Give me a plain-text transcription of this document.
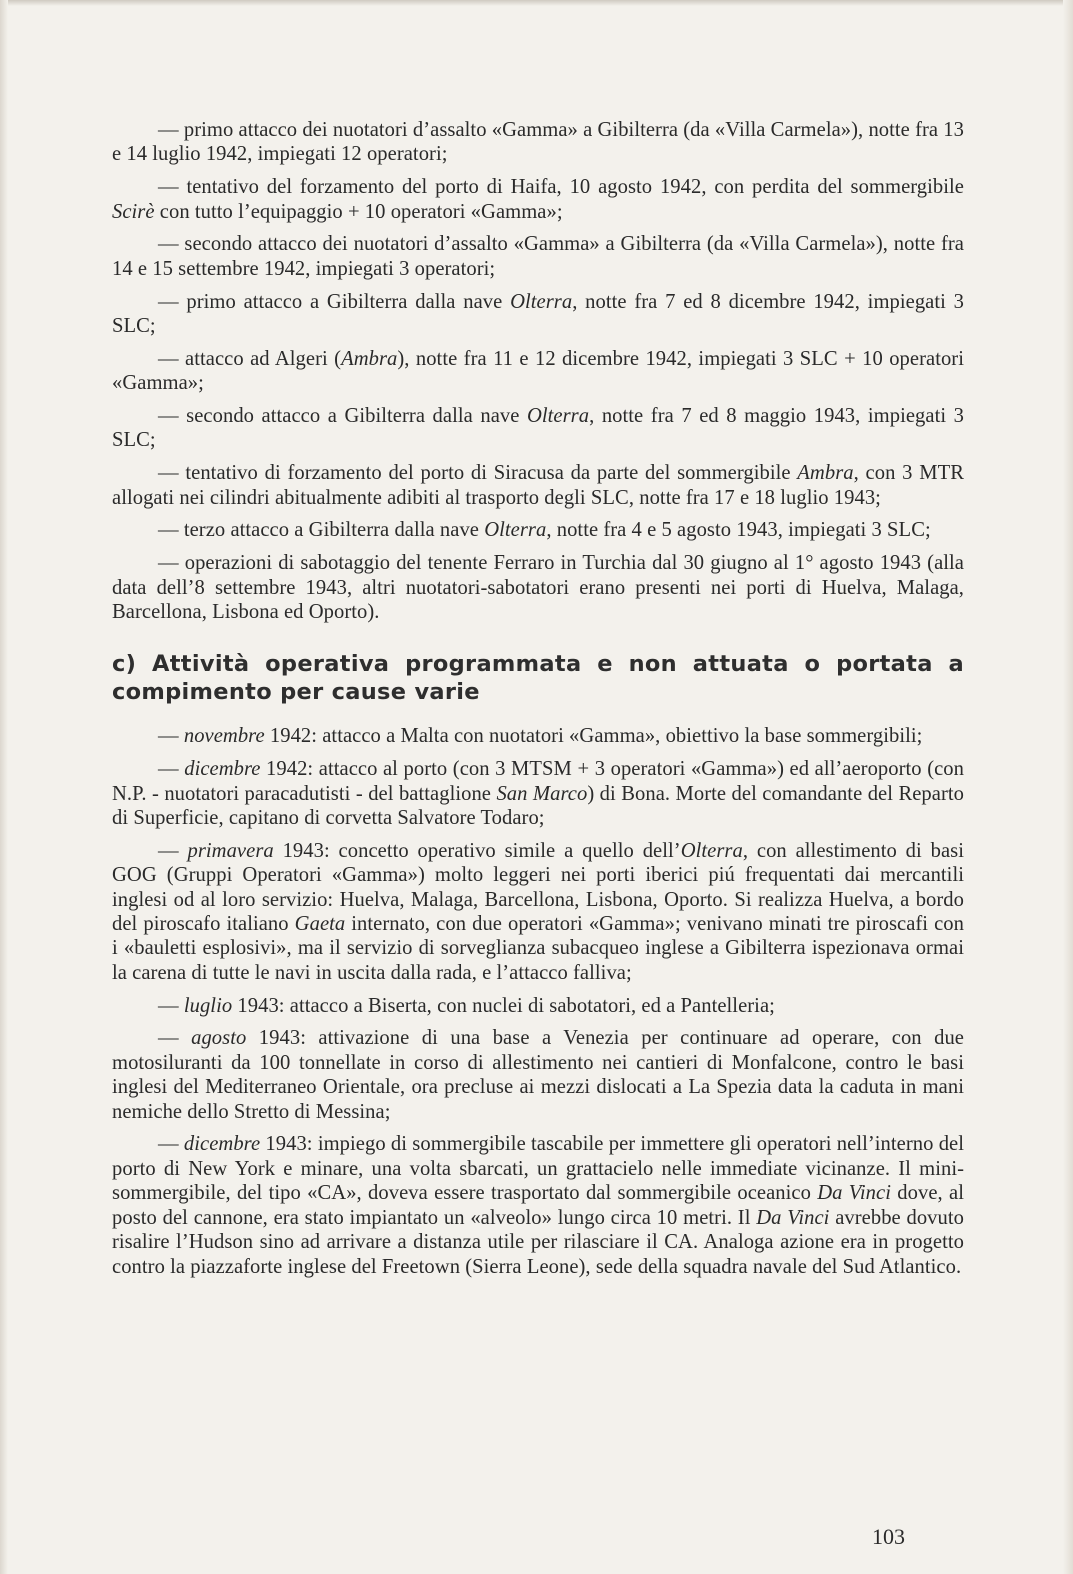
— primo attacco dei nuotatori d’assalto «Gamma» a Gibilterra (da «Villa Carmela»), notte fra 13 e 14 luglio 1942, impiegati 12 operatori;

— tentativo del forzamento del porto di Haifa, 10 agosto 1942, con perdita del sommergibile Scirè con tutto l’equipaggio + 10 operatori «Gamma»;

— secondo attacco dei nuotatori d’assalto «Gamma» a Gibilterra (da «Villa Carmela»), notte fra 14 e 15 settembre 1942, impiegati 3 operatori;

— primo attacco a Gibilterra dalla nave Olterra, notte fra 7 ed 8 dicembre 1942, impiegati 3 SLC;

— attacco ad Algeri (Ambra), notte fra 11 e 12 dicembre 1942, impiegati 3 SLC + 10 operatori «Gamma»;

— secondo attacco a Gibilterra dalla nave Olterra, notte fra 7 ed 8 maggio 1943, impiegati 3 SLC;

— tentativo di forzamento del porto di Siracusa da parte del sommergibile Ambra, con 3 MTR allogati nei cilindri abitualmente adibiti al trasporto degli SLC, notte fra 17 e 18 luglio 1943;

— terzo attacco a Gibilterra dalla nave Olterra, notte fra 4 e 5 agosto 1943, impiegati 3 SLC;

— operazioni di sabotaggio del tenente Ferraro in Turchia dal 30 giugno al 1° agosto 1943 (alla data dell’8 settembre 1943, altri nuotatori-sabotatori erano presenti nei porti di Huelva, Malaga, Barcellona, Lisbona ed Oporto).

c) Attività operativa programmata e non attuata o portata a compimento per cause varie

— novembre 1942: attacco a Malta con nuotatori «Gamma», obiettivo la base sommergibili;

— dicembre 1942: attacco al porto (con 3 MTSM + 3 operatori «Gamma») ed all’aeroporto (con N.P. - nuotatori paracadutisti - del battaglione San Marco) di Bona. Morte del comandante del Reparto di Superficie, capitano di corvetta Salvatore Todaro;

— primavera 1943: concetto operativo simile a quello dell’Olterra, con allestimento di basi GOG (Gruppi Operatori «Gamma») molto leggeri nei porti iberici piú frequentati dai mercantili inglesi od al loro servizio: Huelva, Malaga, Barcellona, Lisbona, Oporto. Si realizza Huelva, a bordo del piroscafo italiano Gaeta internato, con due operatori «Gamma»; venivano minati tre piroscafi con i «bauletti esplosivi», ma il servizio di sorveglianza subacqueo inglese a Gibilterra ispezionava ormai la carena di tutte le navi in uscita dalla rada, e l’attacco falliva;

— luglio 1943: attacco a Biserta, con nuclei di sabotatori, ed a Pantelleria;

— agosto 1943: attivazione di una base a Venezia per continuare ad operare, con due motosiluranti da 100 tonnellate in corso di allestimento nei cantieri di Monfalcone, contro le basi inglesi del Mediterraneo Orientale, ora precluse ai mezzi dislocati a La Spezia data la caduta in mani nemiche dello Stretto di Messina;

— dicembre 1943: impiego di sommergibile tascabile per immettere gli operatori nell’interno del porto di New York e minare, una volta sbarcati, un grattacielo nelle immediate vicinanze. Il mini-sommergibile, del tipo «CA», doveva essere trasportato dal sommergibile oceanico Da Vinci dove, al posto del cannone, era stato impiantato un «alveolo» lungo circa 10 metri. Il Da Vinci avrebbe dovuto risalire l’Hudson sino ad arrivare a distanza utile per rilasciare il CA. Analoga azione era in progetto contro la piazzaforte inglese del Freetown (Sierra Leone), sede della squadra navale del Sud Atlantico.

103
